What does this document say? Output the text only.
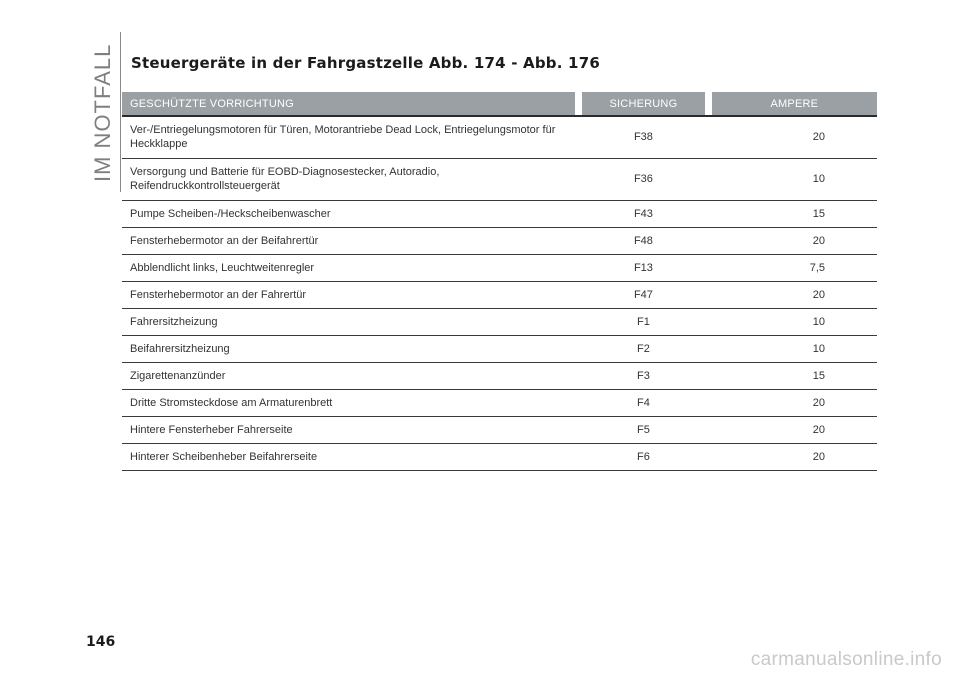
IM NOTFALL	Steuergeräte in der Fahrgastzelle Abb. 174 - Abb. 176
GESCHÜTZTE VORRICHTUNG		SICHERUNG		AMPERE

Ver-/Entriegelungsmotoren für Türen, Motorantriebe Dead Lock, Entriegelungsmotor für
Heckklappe		F38		20

Versorgung und Batterie für EOBD-Diagnosestecker, Autoradio,
Reifendruckkontrollsteuergerät		F36		10

Pumpe Scheiben-/Heckscheibenwascher		F43		15

Fensterhebermotor an der Beifahrertür		F48		20

Abblendlicht links, Leuchtweitenregler		F13		7,5

Fensterhebermotor an der Fahrertür		F47		20

Fahrersitzheizung		F1		10

Beifahrersitzheizung		F2		10

Zigarettenanzünder		F3		15

Dritte Stromsteckdose am Armaturenbrett		F4		20

Hintere Fensterheber Fahrerseite		F5		20

Hinterer Scheibenheber Beifahrerseite		F6		20
146
carmanualsonline.info
